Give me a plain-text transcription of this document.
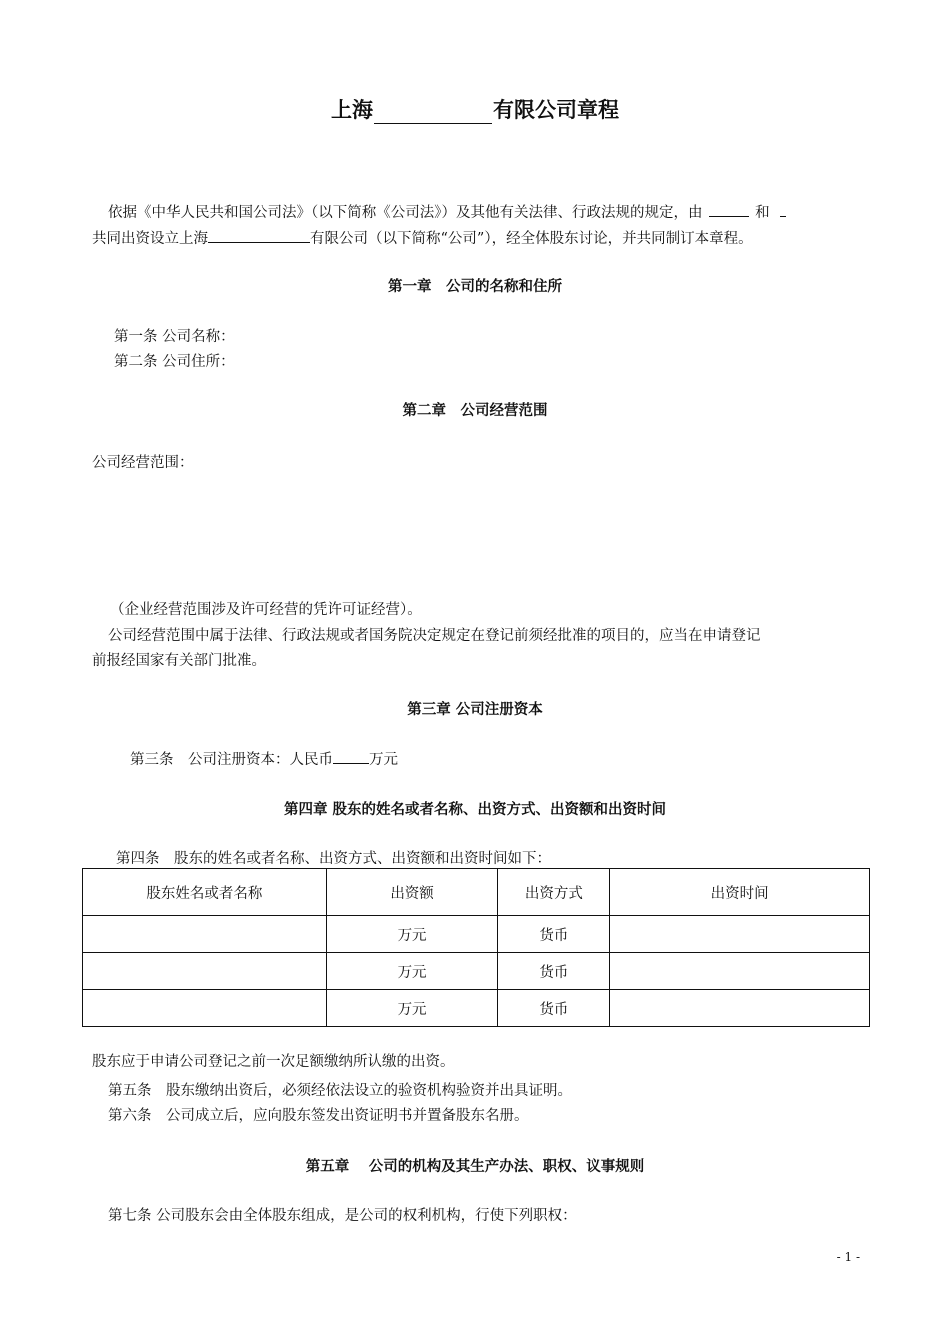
上海	有限公司章程
依据《中华人民共和国公司法》（以下简称《公司法》）及其他有关法律、行政法规的规定，由	和
共同出资设立上海	有限公司（以下简称“公司”），经全体股东讨论，并共同制订本章程。
第一章　公司的名称和住所
第一条 公司名称：
第二条 公司住所：
第二章　公司经营范围
公司经营范围：
（企业经营范围涉及许可经营的凭许可证经营）。
公司经营范围中属于法律、行政法规或者国务院决定规定在登记前须经批准的项目的，应当在申请登记
前报经国家有关部门批准。
第三章 公司注册资本
第三条　公司注册资本：人民币 万元
第四章 股东的姓名或者名称、出资方式、出资额和出资时间
第四条　股东的姓名或者名称、出资方式、出资额和出资时间如下：
股东姓名或者名称	出资额	出资方式	出资时间
	万元	货币	
	万元	货币	
	万元	货币	
股东应于申请公司登记之前一次足额缴纳所认缴的出资。
第五条　股东缴纳出资后，必须经依法设立的验资机构验资并出具证明。
第六条　公司成立后，应向股东签发出资证明书并置备股东名册。
第五章　 公司的机构及其生产办法、职权、议事规则
第七条 公司股东会由全体股东组成，是公司的权利机构，行使下列职权：
- 1 -
